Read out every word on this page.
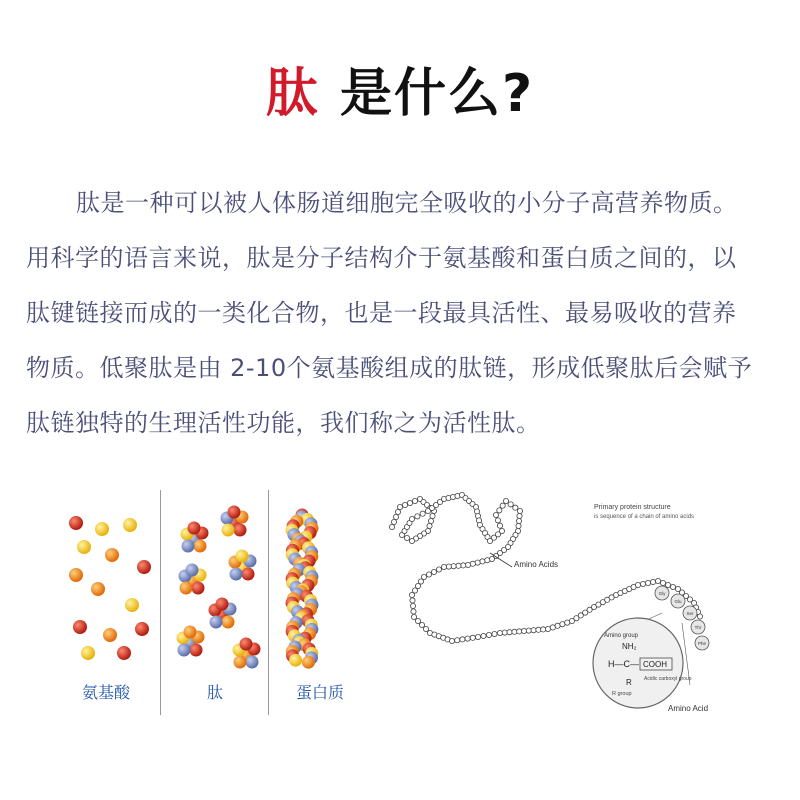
肽 是什么?
肽是一种可以被人体肠道细胞完全吸收的小分子高营养物质。
用科学的语言来说，肽是分子结构介于氨基酸和蛋白质之间的，以
肽键链接而成的一类化合物，也是一段最具活性、最易吸收的营养
物质。低聚肽是由 2-10个氨基酸组成的肽链，形成低聚肽后会赋予
肽链独特的生理活性功能，我们称之为活性肽。
氨基酸	肽	蛋白质
Primary protein structure
is sequence of a chain of amino acids
Amino Acids
Amino group
NH₂
H—C— COOH
R Acidic carboxyl group
R group
Amino Acid
Gly
Glu
Ser
Thr
Phe
